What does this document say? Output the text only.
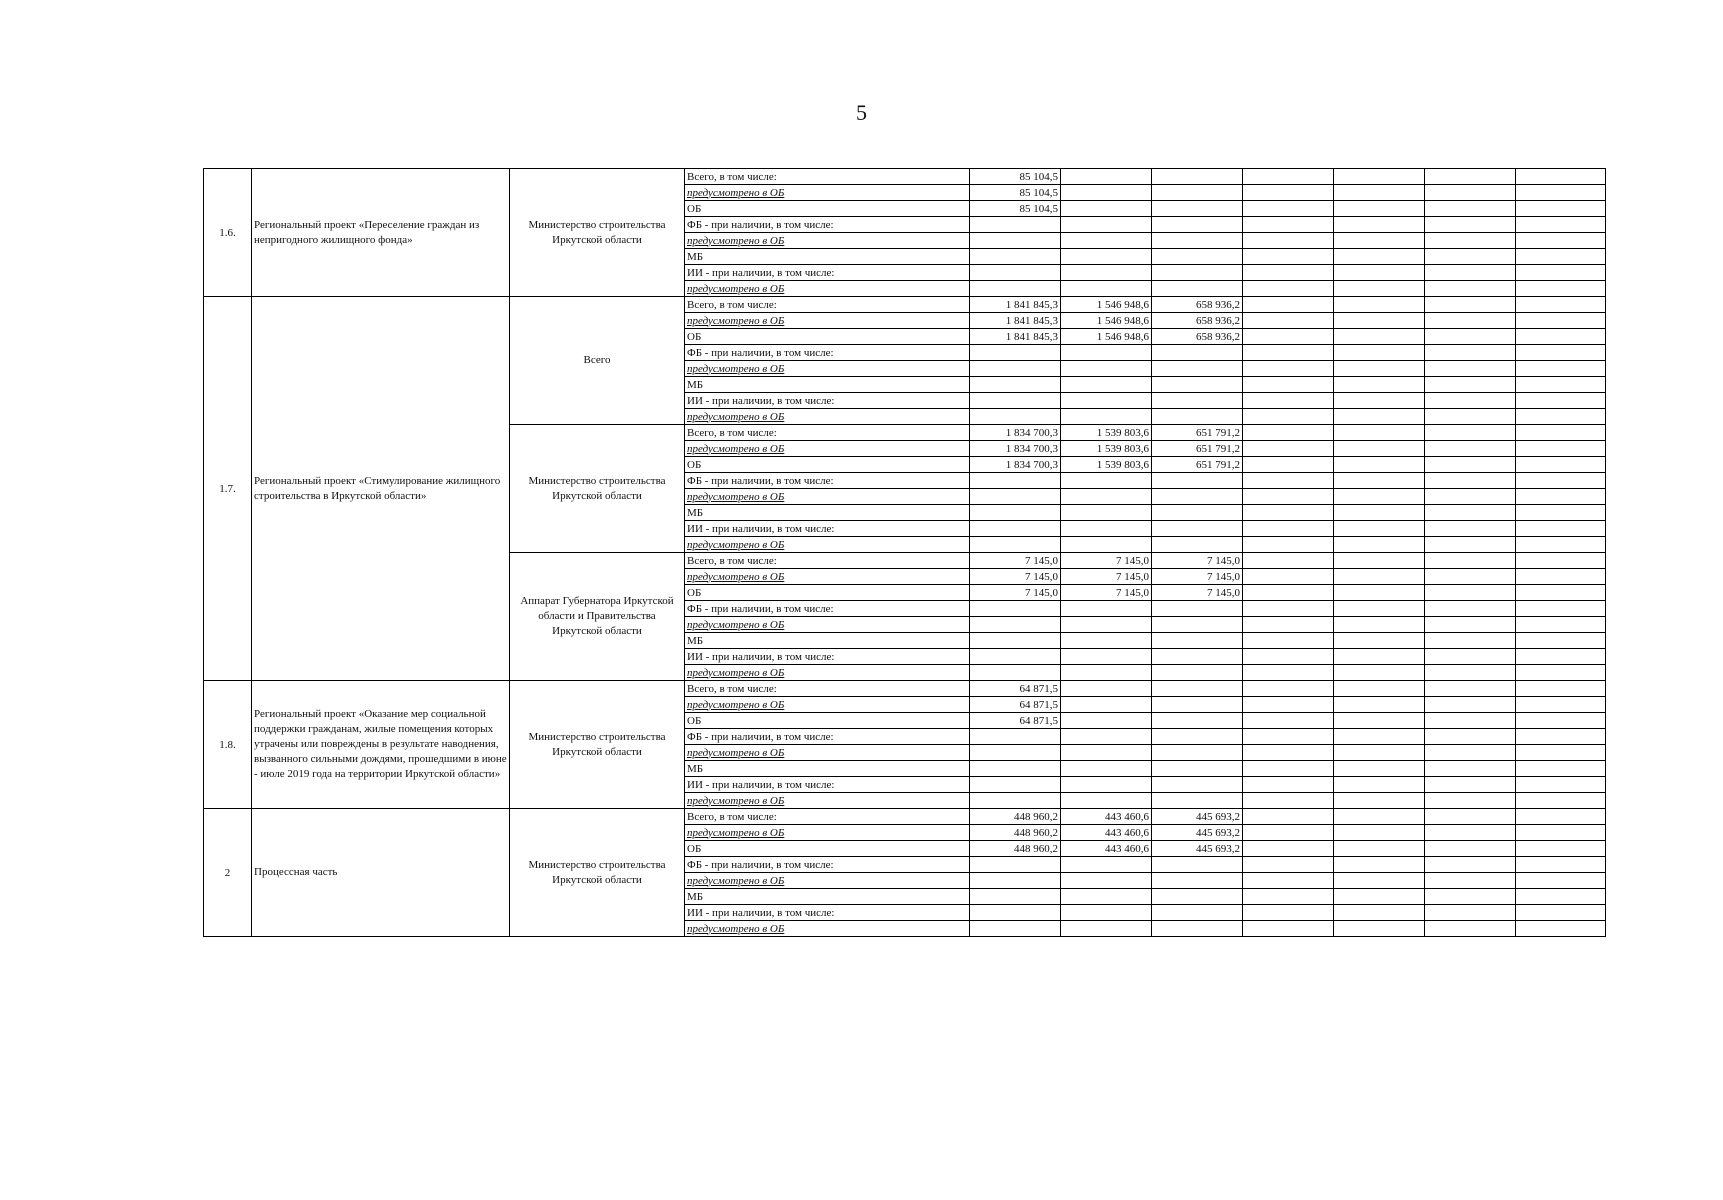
5
1.6.	Региональный проект «Переселение граждан из непригодного жилищного фонда»	Министерство строительства Иркутской области	Всего, в том числе:	85 104,5						
			предусмотрено в ОБ	85 104,5						
			ОБ	85 104,5						
			ФБ - при наличии, в том числе:							
			предусмотрено в ОБ							
			МБ							
			ИИ - при наличии, в том числе:							
			предусмотрено в ОБ							
1.7.	Региональный проект «Стимулирование жилищного строительства в Иркутской области»	Всего	Всего, в том числе:	1 841 845,3	1 546 948,6	658 936,2				
			предусмотрено в ОБ	1 841 845,3	1 546 948,6	658 936,2				
			ОБ	1 841 845,3	1 546 948,6	658 936,2				
			ФБ - при наличии, в том числе:							
			предусмотрено в ОБ							
			МБ							
			ИИ - при наличии, в том числе:							
			предусмотрено в ОБ							
		Министерство строительства Иркутской области	Всего, в том числе:	1 834 700,3	1 539 803,6	651 791,2				
			предусмотрено в ОБ	1 834 700,3	1 539 803,6	651 791,2				
			ОБ	1 834 700,3	1 539 803,6	651 791,2				
			ФБ - при наличии, в том числе:							
			предусмотрено в ОБ							
			МБ							
			ИИ - при наличии, в том числе:							
			предусмотрено в ОБ							
		Аппарат Губернатора Иркутской области и Правительства Иркутской области	Всего, в том числе:	7 145,0	7 145,0	7 145,0				
			предусмотрено в ОБ	7 145,0	7 145,0	7 145,0				
			ОБ	7 145,0	7 145,0	7 145,0				
			ФБ - при наличии, в том числе:							
			предусмотрено в ОБ							
			МБ							
			ИИ - при наличии, в том числе:							
			предусмотрено в ОБ							
1.8.	Региональный проект «Оказание мер социальной поддержки гражданам, жилые помещения которых утрачены или повреждены в результате наводнения, вызванного сильными дождями, прошедшими в июне - июле 2019 года на территории Иркутской области»	Министерство строительства Иркутской области	Всего, в том числе:	64 871,5						
			предусмотрено в ОБ	64 871,5						
			ОБ	64 871,5						
			ФБ - при наличии, в том числе:							
			предусмотрено в ОБ							
			МБ							
			ИИ - при наличии, в том числе:							
			предусмотрено в ОБ							
2	Процессная часть	Министерство строительства Иркутской области	Всего, в том числе:	448 960,2	443 460,6	445 693,2				
			предусмотрено в ОБ	448 960,2	443 460,6	445 693,2				
			ОБ	448 960,2	443 460,6	445 693,2				
			ФБ - при наличии, в том числе:							
			предусмотрено в ОБ							
			МБ							
			ИИ - при наличии, в том числе:							
			предусмотрено в ОБ							
